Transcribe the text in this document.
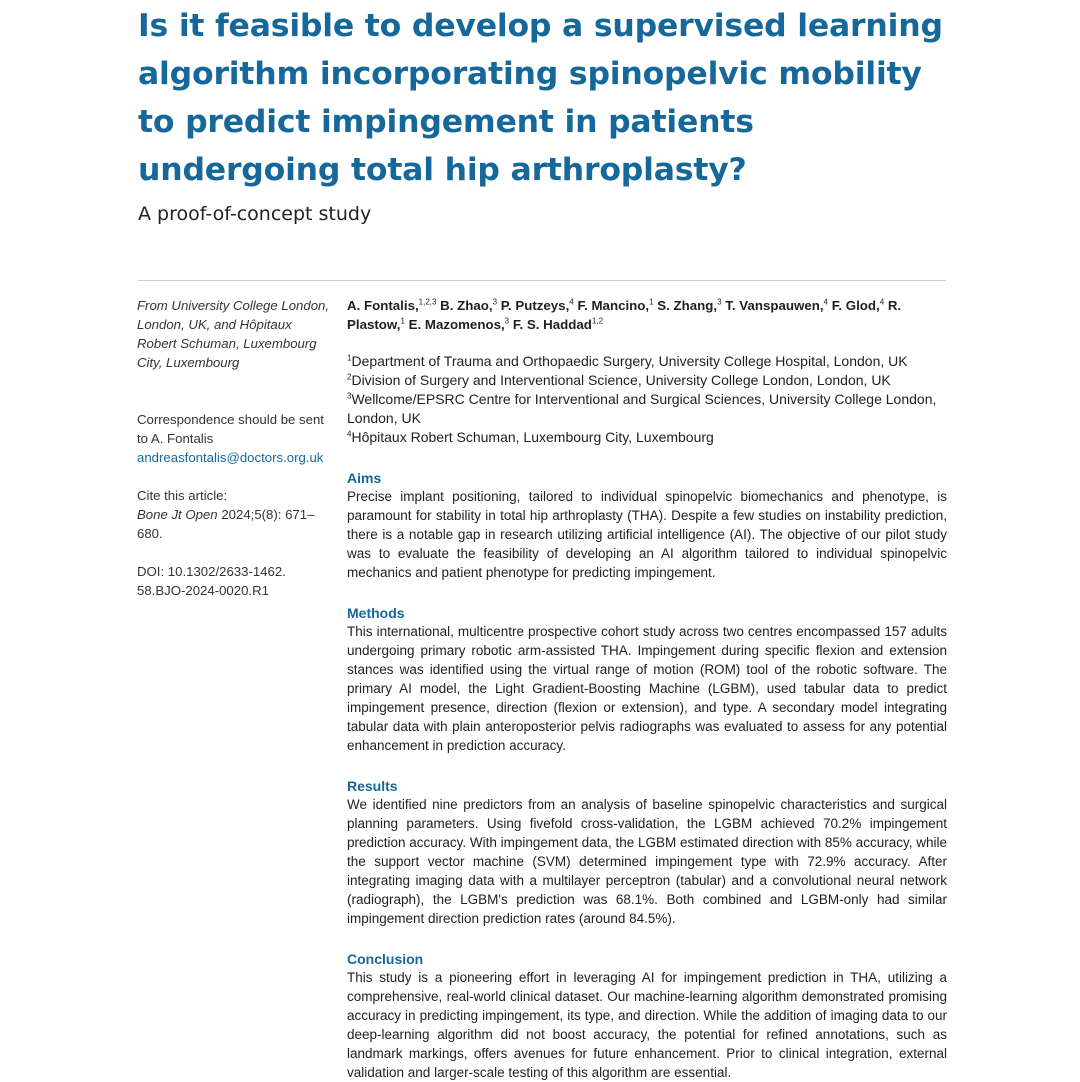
Is it feasible to develop a supervised learning algorithm incorporating spinopelvic mobility to predict impingement in patients undergoing total hip arthroplasty?
A proof-of-concept study

From University College London, London, UK, and Hôpitaux Robert Schuman, Luxembourg City, Luxembourg

Correspondence should be sent to A. Fontalis
andreasfontalis@doctors.org.uk

Cite this article:
Bone Jt Open 2024;5(8): 671–680.

DOI: 10.1302/2633-1462. 58.BJO-2024-0020.R1

A. Fontalis,$^{1,2,3}$ B. Zhao,$^3$ P. Putzeys,$^4$ F. Mancino,$^1$ S. Zhang,$^3$ T. Vanspauwen,$^4$ F. Glod,$^4$ R. Plastow,$^1$ E. Mazomenos,$^3$ F. S. Haddad$^{1,2}$

$^1$Department of Trauma and Orthopaedic Surgery, University College Hospital, London, UK
$^2$Division of Surgery and Interventional Science, University College London, London, UK
$^3$Wellcome/EPSRC Centre for Interventional and Surgical Sciences, University College London, London, UK
$^4$Hôpitaux Robert Schuman, Luxembourg City, Luxembourg
Aims

Precise implant positioning, tailored to individual spinopelvic biomechanics and phenotype, is paramount for stability in total hip arthroplasty (THA). Despite a few studies on instability prediction, there is a notable gap in research utilizing artificial intelligence (AI). The objective of our pilot study was to evaluate the feasibility of developing an AI algorithm tailored to individual spinopelvic mechanics and patient phenotype for predicting impingement.

Methods

This international, multicentre prospective cohort study across two centres encompassed 157 adults undergoing primary robotic arm-assisted THA. Impingement during specific flexion and extension stances was identified using the virtual range of motion (ROM) tool of the robotic software. The primary AI model, the Light Gradient-Boosting Machine (LGBM), used tabular data to predict impingement presence, direction (flexion or extension), and type. A secondary model integrating tabular data with plain anteroposterior pelvis radiographs was evaluated to assess for any potential enhancement in prediction accuracy.

Results

We identified nine predictors from an analysis of baseline spinopelvic characteristics and surgical planning parameters. Using fivefold cross-validation, the LGBM achieved 70.2% impingement prediction accuracy. With impingement data, the LGBM estimated direction with 85% accuracy, while the support vector machine (SVM) determined impingement type with 72.9% accuracy. After integrating imaging data with a multilayer perceptron (tabular) and a convolutional neural network (radiograph), the LGBM's prediction was 68.1%. Both combined and LGBM-only had similar impingement direction prediction rates (around 84.5%).

Conclusion

This study is a pioneering effort in leveraging AI for impingement prediction in THA, utilizing a comprehensive, real-world clinical dataset. Our machine-learning algorithm demonstrated promising accuracy in predicting impingement, its type, and direction. While the addition of imaging data to our deep-learning algorithm did not boost accuracy, the potential for refined annotations, such as landmark markings, offers avenues for future enhancement. Prior to clinical integration, external validation and larger-scale testing of this algorithm are essential.
